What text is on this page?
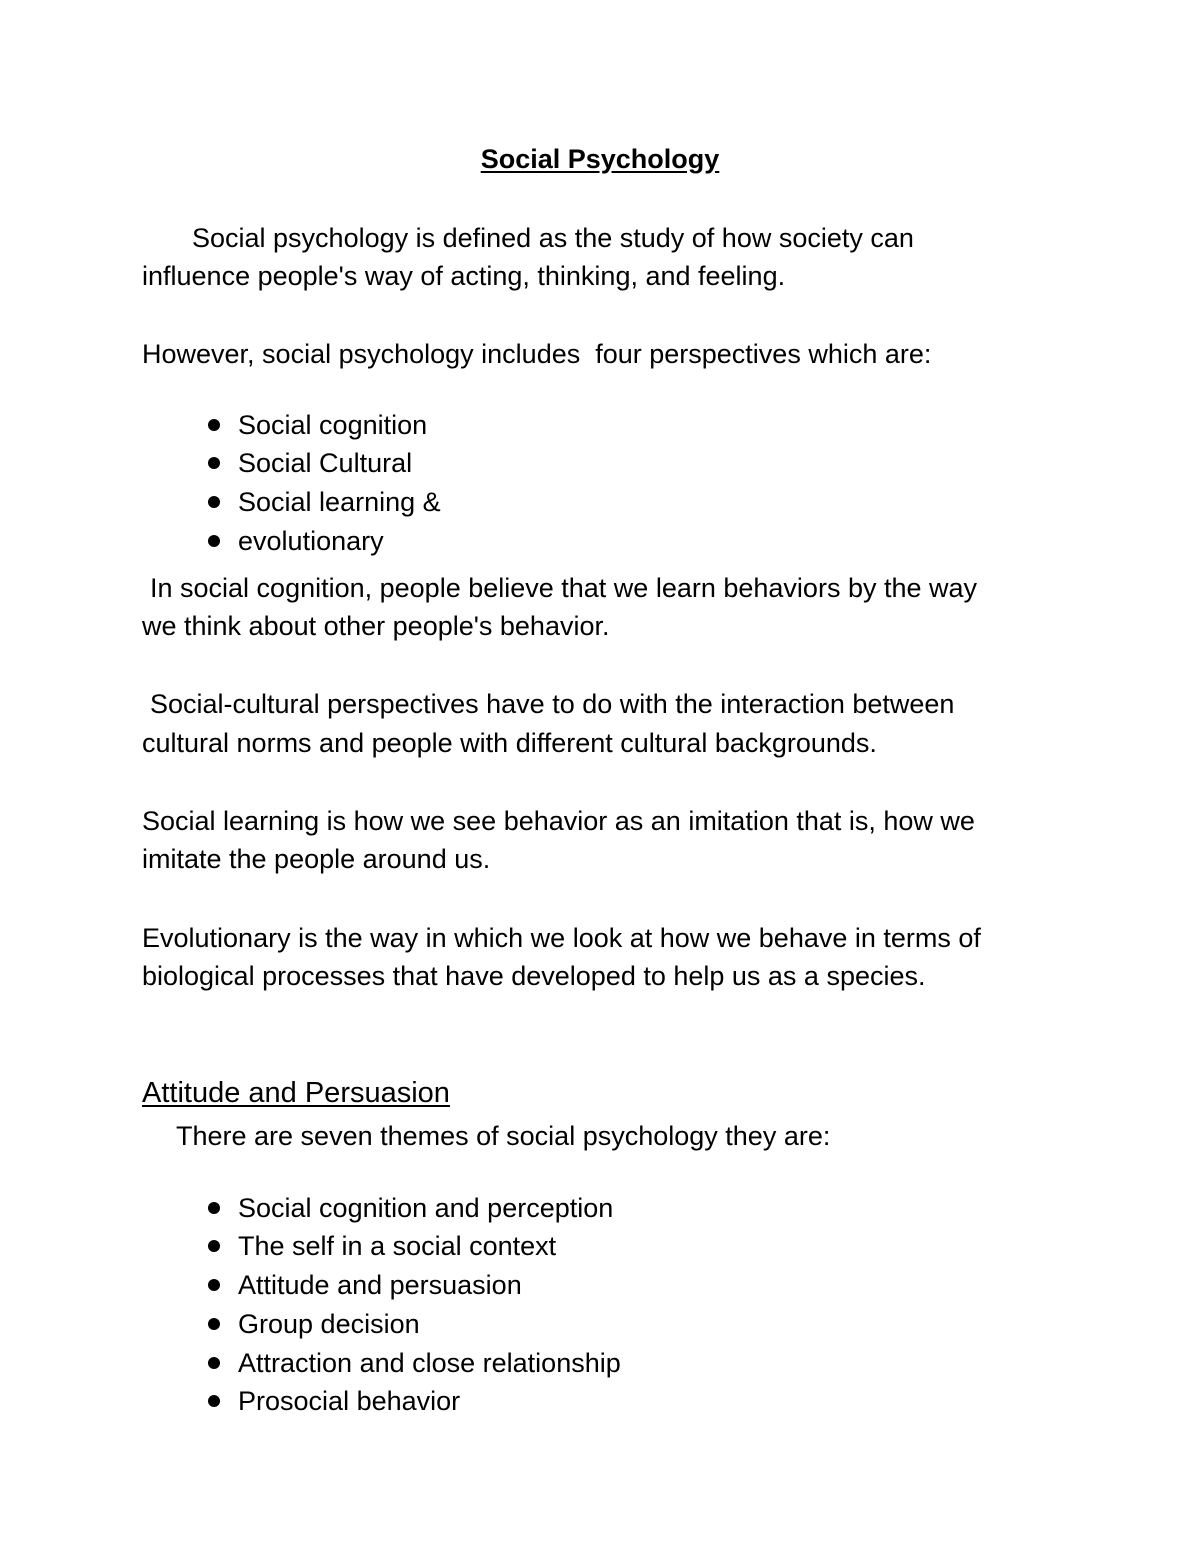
Social Psychology
Social psychology is defined as the study of how society can
influence people's way of acting, thinking, and feeling.
However, social psychology includes  four perspectives which are:

Social cognition

Social Cultural

Social learning &

evolutionary

In social cognition, people believe that we learn behaviors by the way
we think about other people's behavior.
Social-cultural perspectives have to do with the interaction between
cultural norms and people with different cultural backgrounds.
Social learning is how we see behavior as an imitation that is, how we
imitate the people around us.
Evolutionary is the way in which we look at how we behave in terms of
biological processes that have developed to help us as a species.
Attitude and Persuasion
There are seven themes of social psychology they are:

Social cognition and perception

The self in a social context

Attitude and persuasion

Group decision

Attraction and close relationship

Prosocial behavior
